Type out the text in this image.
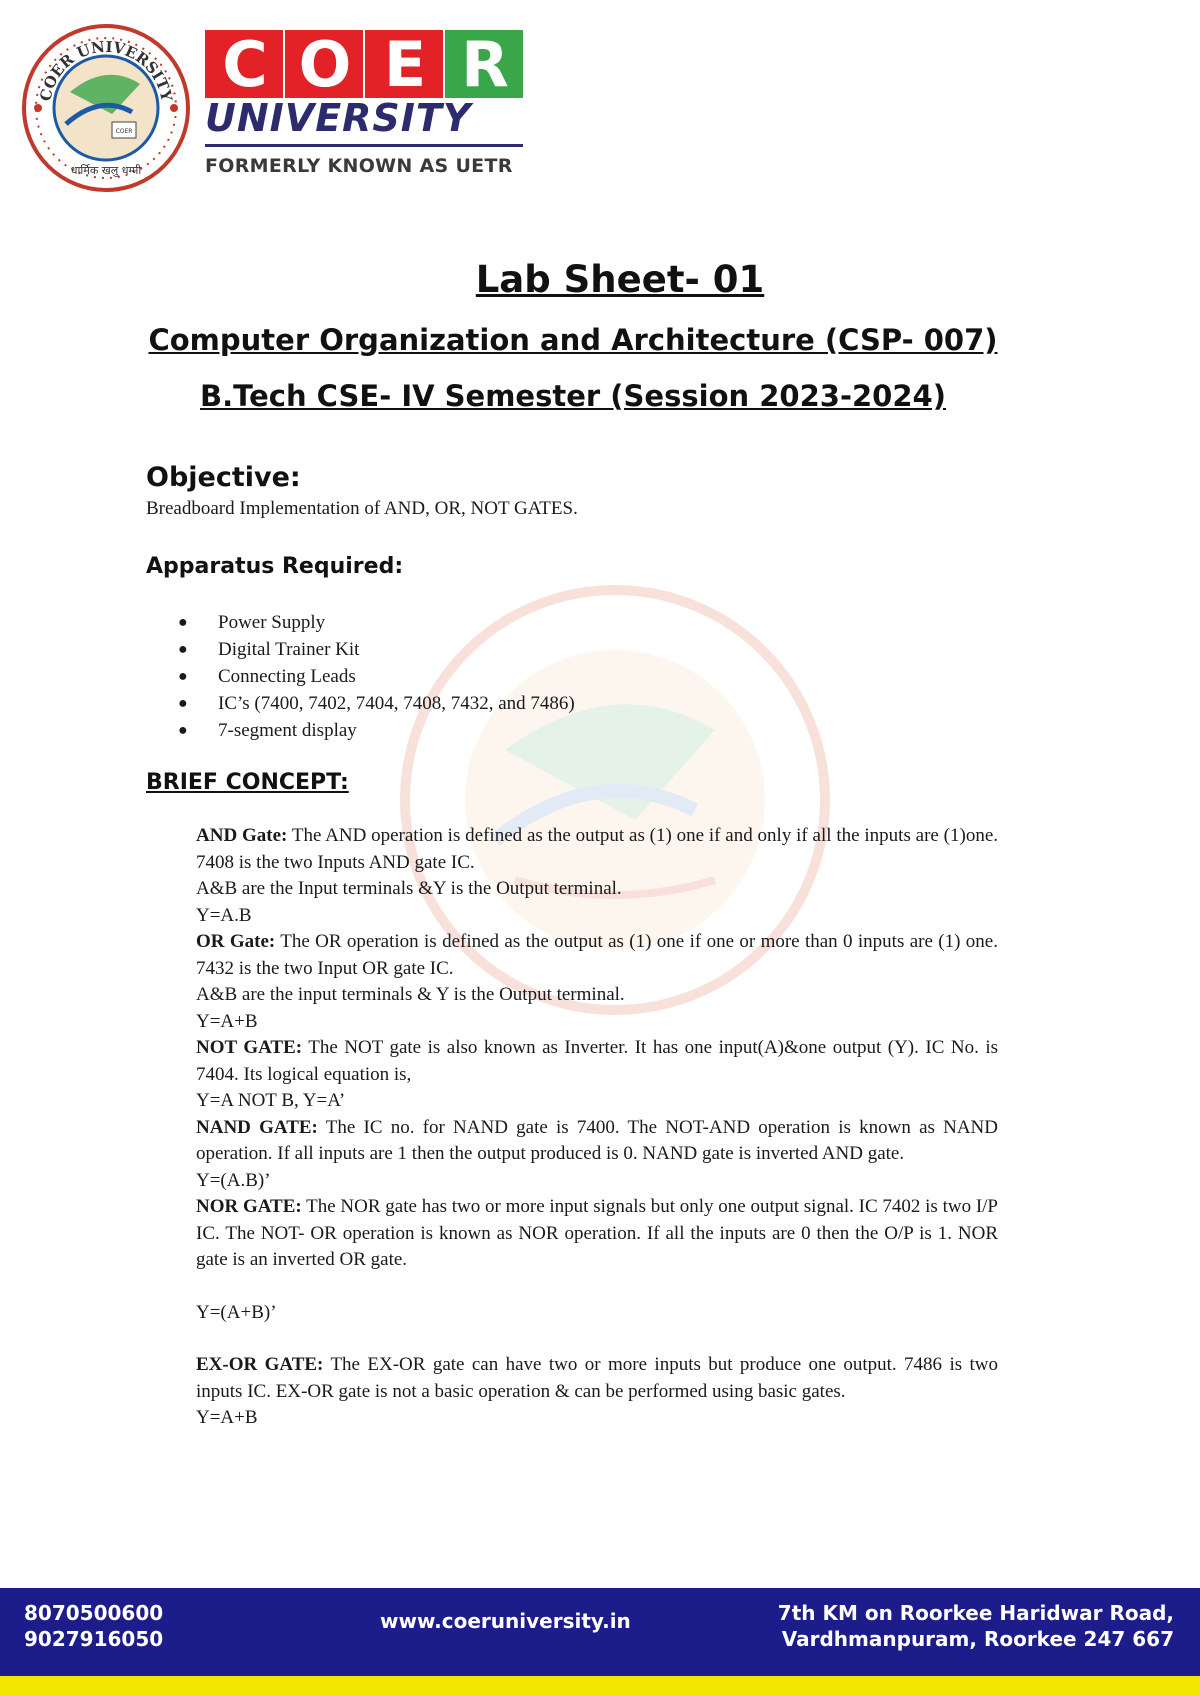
COER UNIVERSITY
COER
धार्मिक खलु धम्मी
C O E R
UNIVERSITY
FORMERLY KNOWN AS UETR
Lab Sheet- 01
Computer Organization and Architecture (CSP- 007)
B.Tech CSE- IV Semester (Session 2023-2024)
Objective:
Breadboard Implementation of AND, OR, NOT GATES.
Apparatus Required:
●	Power Supply
●	Digital Trainer Kit
●	Connecting Leads
●	IC’s (7400, 7402, 7404, 7408, 7432, and 7486)
●	7-segment display
BRIEF CONCEPT:

AND Gate: The AND operation is defined as the output as (1) one if and only if all the inputs are (1)one. 7408 is the two Inputs AND gate IC.

A&B are the Input terminals &Y is the Output terminal.

Y=A.B

OR Gate: The OR operation is defined as the output as (1) one if one or more than 0 inputs are (1) one. 7432 is the two Input OR gate IC.

A&B are the input terminals & Y is the Output terminal.

Y=A+B

NOT GATE: The NOT gate is also known as Inverter. It has one input(A)&one output (Y). IC No. is 7404. Its logical equation is,

Y=A NOT B, Y=A’

NAND GATE: The IC no. for NAND gate is 7400. The NOT-AND operation is known as NAND operation. If all inputs are 1 then the output produced is 0. NAND gate is inverted AND gate.

Y=(A.B)’

NOR GATE: The NOR gate has two or more input signals but only one output signal. IC 7402 is two I/P IC. The NOT- OR operation is known as NOR operation. If all the inputs are 0 then the O/P is 1. NOR gate is an inverted OR gate.

Y=(A+B)’

EX-OR GATE: The EX-OR gate can have two or more inputs but produce one output. 7486 is two inputs IC. EX-OR gate is not a basic operation & can be performed using basic gates.

Y=A+B

8070500600
9027916050
www.coeruniversity.in	7th KM on Roorkee Haridwar Road,
Vardhmanpuram, Roorkee 247 667
